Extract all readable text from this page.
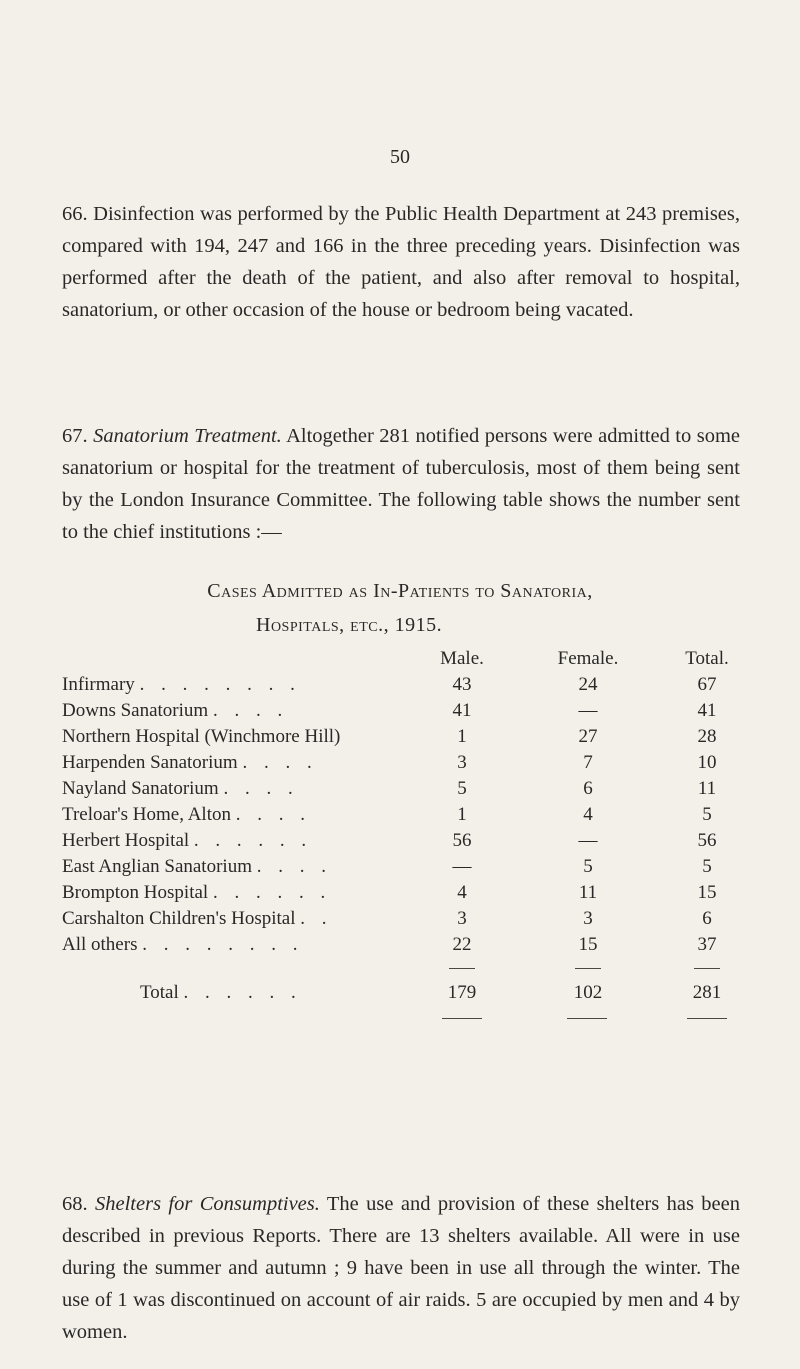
50

66. Disinfection was performed by the Public Health Department at 243 premises, compared with 194, 247 and 166 in the three preceding years. Disinfection was performed after the death of the patient, and also after removal to hospital, sanatorium, or other occasion of the house or bedroom being vacated.

67. Sanatorium Treatment. Altogether 281 notified persons were admitted to some sanatorium or hospital for the treatment of tuberculosis, most of them being sent by the London Insurance Committee. The following table shows the number sent to the chief institutions :—

Cases Admitted as In-Patients to Sanatoria,
Hospitals, etc., 1915.
Male.	Female.	Total.
Infirmary . . . . . . . .	43	24	67
Downs Sanatorium . . . .	41	—	41
Northern Hospital (Winchmore Hill)	1	27	28
Harpenden Sanatorium . . . .	3	7	10
Nayland Sanatorium . . . .	5	6	11
Treloar's Home, Alton . . . .	1	4	5
Herbert Hospital . . . . . .	56	—	56
East Anglian Sanatorium . . . .	—	5	5
Brompton Hospital . . . . . .	4	11	15
Carshalton Children's Hospital . .	3	3	6
All others . . . . . . . .	22	15	37
Total . . . . . .	179	102	281

68. Shelters for Consumptives. The use and provision of these shelters has been described in previous Reports. There are 13 shelters available. All were in use during the summer and autumn ; 9 have been in use all through the winter. The use of 1 was discontinued on account of air raids. 5 are occupied by men and 4 by women.
